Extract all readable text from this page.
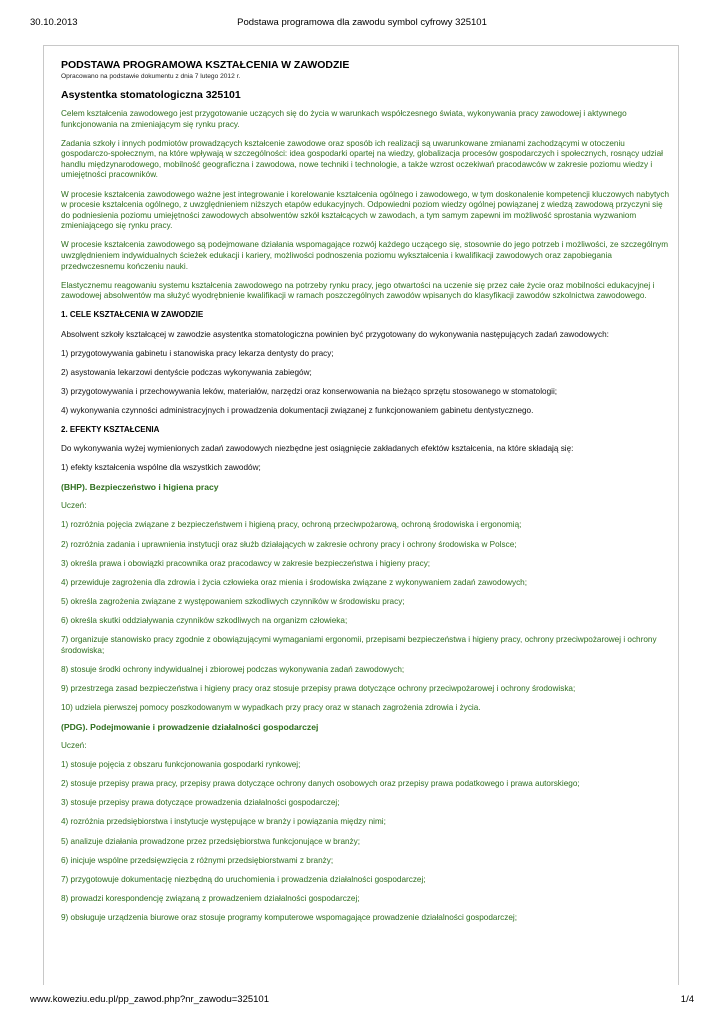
30.10.2013	Podstawa programowa dla zawodu symbol cyfrowy 325101
PODSTAWA PROGRAMOWA KSZTAŁCENIA W ZAWODZIE
Opracowano na podstawie dokumentu z dnia 7 lutego 2012 r.
Asystentka stomatologiczna 325101
Celem kształcenia zawodowego jest przygotowanie uczących się do życia w warunkach współczesnego świata, wykonywania pracy zawodowej i aktywnego funkcjonowania na zmieniającym się rynku pracy.
Zadania szkoły i innych podmiotów prowadzących kształcenie zawodowe oraz sposób ich realizacji są uwarunkowane zmianami zachodzącymi w otoczeniu gospodarczo-społecznym, na które wpływają w szczególności: idea gospodarki opartej na wiedzy, globalizacja procesów gospodarczych i społecznych, rosnący udział handlu międzynarodowego, mobilność geograficzna i zawodowa, nowe techniki i technologie, a także wzrost oczekiwań pracodawców w zakresie poziomu wiedzy i umiejętności pracowników.
W procesie kształcenia zawodowego ważne jest integrowanie i korelowanie kształcenia ogólnego i zawodowego, w tym doskonalenie kompetencji kluczowych nabytych w procesie kształcenia ogólnego, z uwzględnieniem niższych etapów edukacyjnych. Odpowiedni poziom wiedzy ogólnej powiązanej z wiedzą zawodową przyczyni się do podniesienia poziomu umiejętności zawodowych absolwentów szkół kształcących w zawodach, a tym samym zapewni im możliwość sprostania wyzwaniom zmieniającego się rynku pracy.
W procesie kształcenia zawodowego są podejmowane działania wspomagające rozwój każdego uczącego się, stosownie do jego potrzeb i możliwości, ze szczególnym uwzględnieniem indywidualnych ścieżek edukacji i kariery, możliwości podnoszenia poziomu wykształcenia i kwalifikacji zawodowych oraz zapobiegania przedwczesnemu kończeniu nauki.
Elastycznemu reagowaniu systemu kształcenia zawodowego na potrzeby rynku pracy, jego otwartości na uczenie się przez całe życie oraz mobilności edukacyjnej i zawodowej absolwentów ma służyć wyodrębnienie kwalifikacji w ramach poszczególnych zawodów wpisanych do klasyfikacji zawodów szkolnictwa zawodowego.
1. CELE KSZTAŁCENIA W ZAWODZIE
Absolwent szkoły kształcącej w zawodzie asystentka stomatologiczna powinien być przygotowany do wykonywania następujących zadań zawodowych:
1) przygotowywania gabinetu i stanowiska pracy lekarza dentysty do pracy;
2) asystowania lekarzowi dentyście podczas wykonywania zabiegów;
3) przygotowywania i przechowywania leków, materiałów, narzędzi oraz konserwowania na bieżąco sprzętu stosowanego w stomatologii;
4) wykonywania czynności administracyjnych i prowadzenia dokumentacji związanej z funkcjonowaniem gabinetu dentystycznego.
2. EFEKTY KSZTAŁCENIA
Do wykonywania wyżej wymienionych zadań zawodowych niezbędne jest osiągnięcie zakładanych efektów kształcenia, na które składają się:
1) efekty kształcenia wspólne dla wszystkich zawodów;
(BHP). Bezpieczeństwo i higiena pracy
Uczeń:
1) rozróżnia pojęcia związane z bezpieczeństwem i higieną pracy, ochroną przeciwpożarową, ochroną środowiska i ergonomią;
2) rozróżnia zadania i uprawnienia instytucji oraz służb działających w zakresie ochrony pracy i ochrony środowiska w Polsce;
3) określa prawa i obowiązki pracownika oraz pracodawcy w zakresie bezpieczeństwa i higieny pracy;
4) przewiduje zagrożenia dla zdrowia i życia człowieka oraz mienia i środowiska związane z wykonywaniem zadań zawodowych;
5) określa zagrożenia związane z występowaniem szkodliwych czynników w środowisku pracy;
6) określa skutki oddziaływania czynników szkodliwych na organizm człowieka;
7) organizuje stanowisko pracy zgodnie z obowiązującymi wymaganiami ergonomii, przepisami bezpieczeństwa i higieny pracy, ochrony przeciwpożarowej i ochrony środowiska;
8) stosuje środki ochrony indywidualnej i zbiorowej podczas wykonywania zadań zawodowych;
9) przestrzega zasad bezpieczeństwa i higieny pracy oraz stosuje przepisy prawa dotyczące ochrony przeciwpożarowej i ochrony środowiska;
10) udziela pierwszej pomocy poszkodowanym w wypadkach przy pracy oraz w stanach zagrożenia zdrowia i życia.
(PDG). Podejmowanie i prowadzenie działalności gospodarczej
Uczeń:
1) stosuje pojęcia z obszaru funkcjonowania gospodarki rynkowej;
2) stosuje przepisy prawa pracy, przepisy prawa dotyczące ochrony danych osobowych oraz przepisy prawa podatkowego i prawa autorskiego;
3) stosuje przepisy prawa dotyczące prowadzenia działalności gospodarczej;
4) rozróżnia przedsiębiorstwa i instytucje występujące w branży i powiązania między nimi;
5) analizuje działania prowadzone przez przedsiębiorstwa funkcjonujące w branży;
6) inicjuje wspólne przedsięwzięcia z różnymi przedsiębiorstwami z branży;
7) przygotowuje dokumentację niezbędną do uruchomienia i prowadzenia działalności gospodarczej;
8) prowadzi korespondencję związaną z prowadzeniem działalności gospodarczej;
9) obsługuje urządzenia biurowe oraz stosuje programy komputerowe wspomagające prowadzenie działalności gospodarczej;
www.koweziu.edu.pl/pp_zawod.php?nr_zawodu=325101	1/4
